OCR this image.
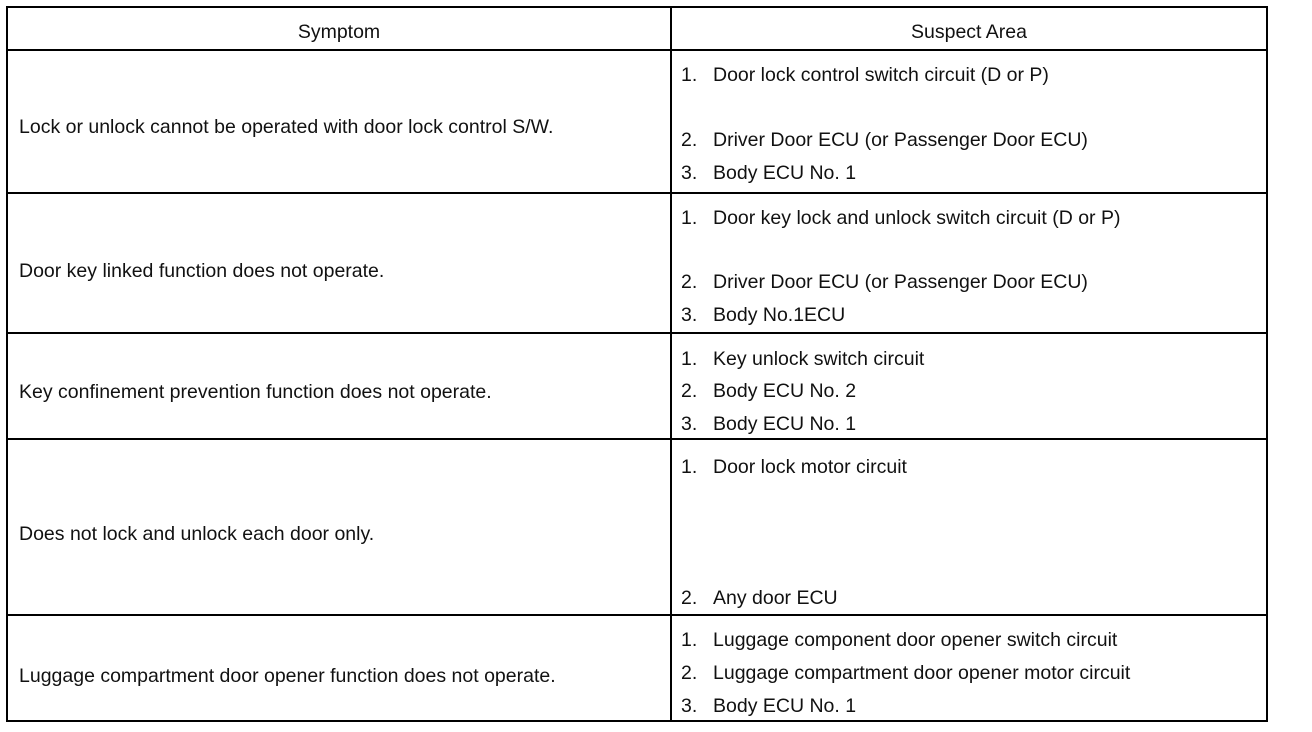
Symptom	Suspect Area
Lock or unlock cannot be operated with door lock control S/W.
1. Door lock control switch circuit (D or P)
2. Driver Door ECU (or Passenger Door ECU)
3. Body ECU No. 1
Door key linked function does not operate.
1. Door key lock and unlock switch circuit (D or P)
2. Driver Door ECU (or Passenger Door ECU)
3. Body No.1ECU
Key confinement prevention function does not operate.
1. Key unlock switch circuit
2. Body ECU No. 2
3. Body ECU No. 1
Does not lock and unlock each door only.
1. Door lock motor circuit
2. Any door ECU
Luggage compartment door opener function does not operate.
1. Luggage component door opener switch circuit
2. Luggage compartment door opener motor circuit
3. Body ECU No. 1
